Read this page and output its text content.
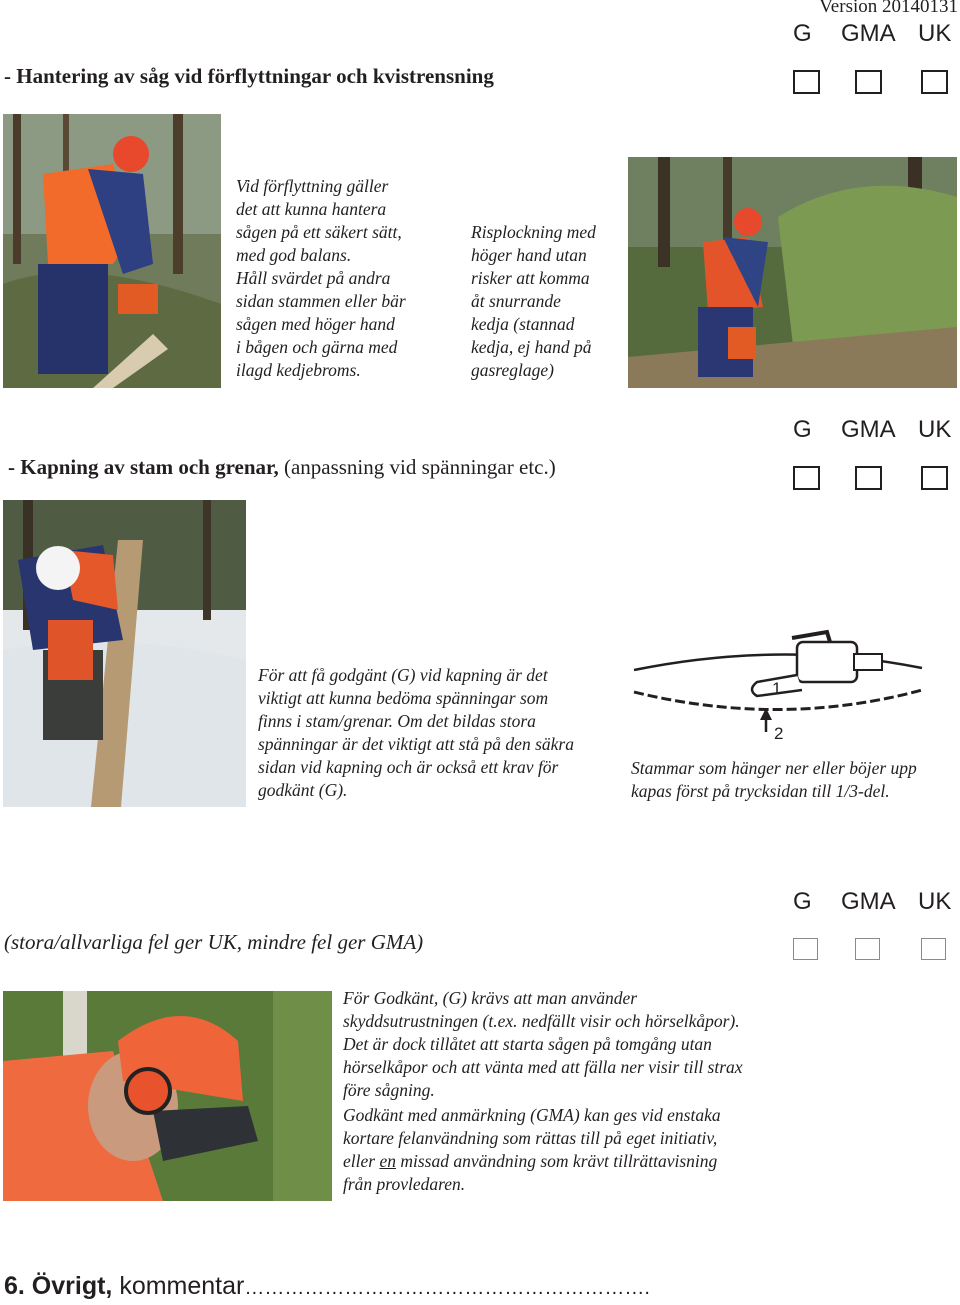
Version 20140131
G GMA UK
- Hantering av såg vid förflyttningar och kvistrensning
Vid förflyttning gäller
det att kunna hantera
sågen på ett säkert sätt,
med god balans.
Håll svärdet på andra
sidan stammen eller bär
sågen med höger hand
i bågen och gärna med
ilagd kedjebroms.
Risplockning med
höger hand utan
risker att komma
åt snurrande
kedja (stannad
kedja, ej hand på
gasreglage)
G GMA UK
- Kapning av stam och grenar, (anpassning vid spänningar etc.)
För att få godgänt (G) vid kapning är det
viktigt att kunna bedöma spänningar som
finns i stam/grenar. Om det bildas stora
spänningar är det viktigt att stå på den säkra
sidan vid kapning och är också ett krav för
godkänt (G).
1
2
Stammar som hänger ner eller böjer upp
kapas först på trycksidan till 1/3-del.
G GMA UK
(stora/allvarliga fel ger UK, mindre fel ger GMA)
För Godkänt, (G) krävs att man använder
skyddsutrustningen (t.ex. nedfällt visir och hörselkåpor).
Det är dock tillåtet att starta sågen på tomgång utan
hörselkåpor och att vänta med att fälla ner visir till strax
före sågning.
Godkänt med anmärkning (GMA) kan ges vid enstaka
kortare felanvändning som rättas till på eget initiativ,
eller en missad användning som krävt tillrättavisning
från provledaren.
6. Övrigt, kommentar…………………………………………………….
